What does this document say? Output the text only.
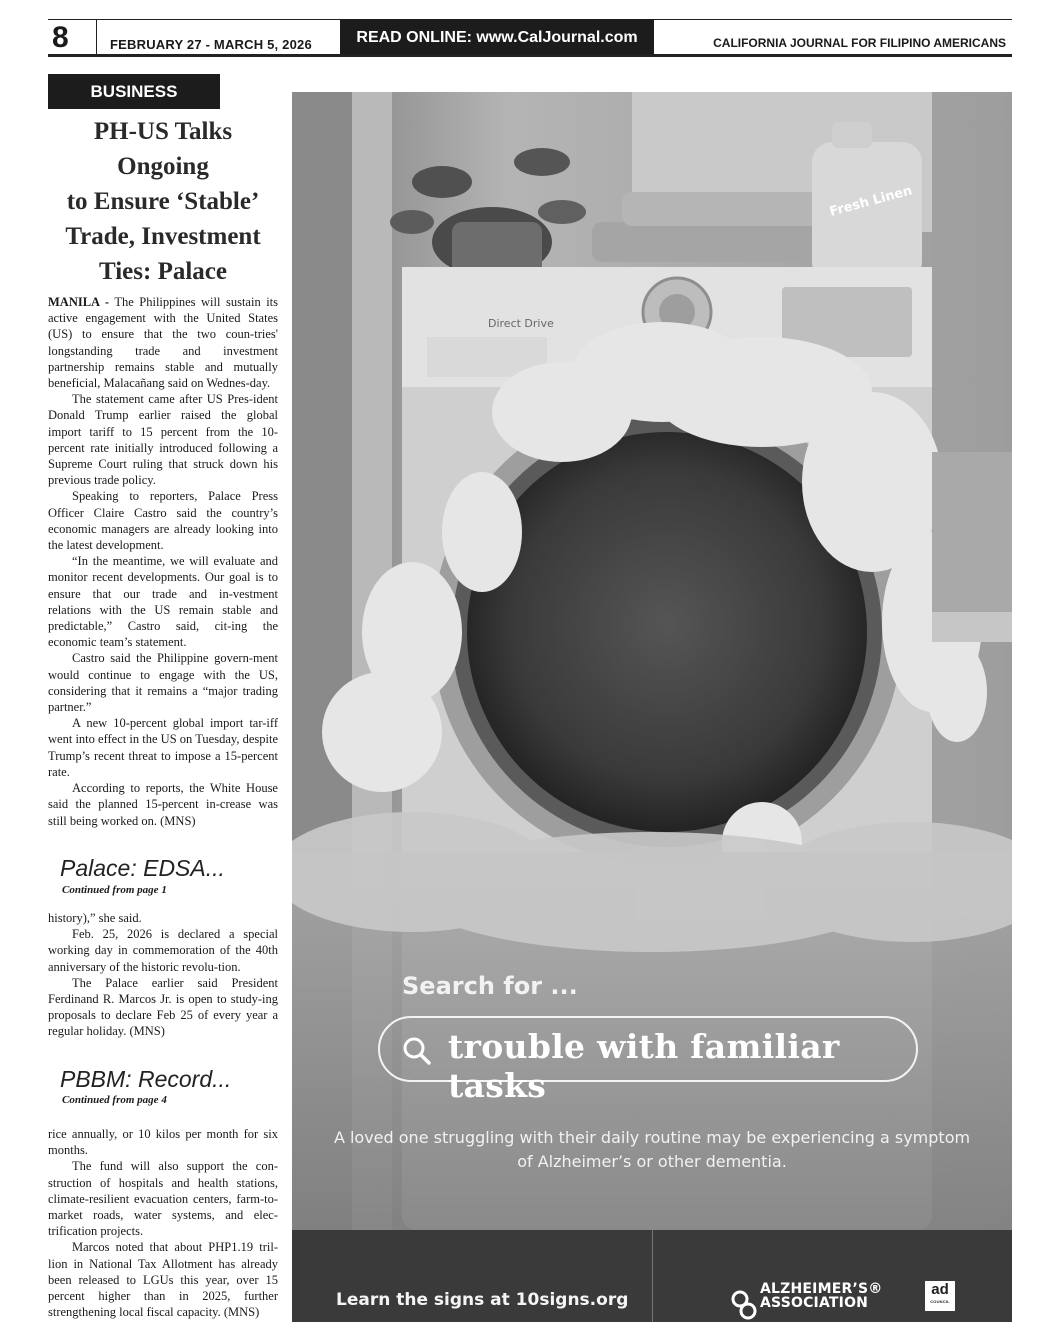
8	FEBRUARY 27 - MARCH 5, 2026	READ ONLINE: www.CalJournal.com	CALIFORNIA JOURNAL FOR FILIPINO AMERICANS
BUSINESS
PH-US Talks
Ongoing
to Ensure ‘Stable’
Trade, Investment
Ties: Palace

MANILA - The Philippines will sustain its active engagement with the United States (US) to ensure that the two coun-tries' longstanding trade and investment partnership remains stable and mutually beneficial, Malacañang said on Wednes-day.

The statement came after US Pres-ident Donald Trump earlier raised the global import tariff to 15 percent from the 10-percent rate initially introduced following a Supreme Court ruling that struck down his previous trade policy.

Speaking to reporters, Palace Press Officer Claire Castro said the country’s economic managers are already looking into the latest development.

“In the meantime, we will evaluate and monitor recent developments. Our goal is to ensure that our trade and in-vestment relations with the US remain stable and predictable,” Castro said, cit-ing the economic team’s statement.

Castro said the Philippine govern-ment would continue to engage with the US, considering that it remains a “major trading partner.”

A new 10-percent global import tar-iff went into effect in the US on Tuesday, despite Trump’s recent threat to impose a 15-percent rate.

According to reports, the White House said the planned 15-percent in-crease was still being worked on. (MNS)

Palace: EDSA...
Continued from page 1

history),” she said.

Feb. 25, 2026 is declared a special working day in commemoration of the 40th anniversary of the historic revolu-tion.

The Palace earlier said President Ferdinand R. Marcos Jr. is open to study-ing proposals to declare Feb 25 of every year a regular holiday. (MNS)

PBBM: Record...
Continued from page 4

rice annually, or 10 kilos per month for six months.

The fund will also support the con-struction of hospitals and health stations, climate-resilient evacuation centers, farm-to-market roads, water systems, and elec-trification projects.

Marcos noted that about PHP1.19 tril-lion in National Tax Allotment has already been released to LGUs this year, over 15 percent higher than in 2025, further strengthening local fiscal capacity. (MNS)

Fresh Linen
Direct Drive
Search for ...
trouble with familiar tasks
A loved one struggling with their daily routine may be experiencing a symptom of Alzheimer’s or other dementia.
Learn the signs at 10signs.org
ALZHEIMER’S®
ASSOCIATION
ad
COUNCIL
